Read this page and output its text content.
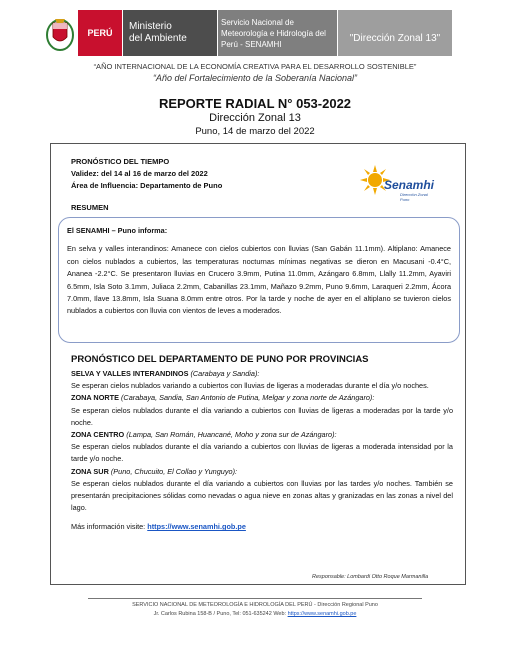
PERÚ
Ministerio
del Ambiente
Servicio Nacional de
Meteorología e Hidrología del
Perú - SENAMHI
"Dirección Zonal 13"
“AÑO INTERNACIONAL DE LA ECONOMÍA CREATIVA PARA EL DESARROLLO SOSTENIBLE”
“Año del Fortalecimiento de la Soberanía Nacional”
REPORTE RADIAL N° 053-2022
Dirección Zonal 13
Puno, 14 de marzo del 2022
PRONÓSTICO DEL TIEMPO
Validez: del 14 al 16 de marzo del 2022
Área de Influencia: Departamento de Puno
RESUMEN
Senamhi
Dirección Zonal Puno
El SENAMHI – Puno informa:
En selva y valles interandinos: Amanece con cielos cubiertos con lluvias (San Gabán 11.1mm). Altiplano: Amanece con cielos nublados a cubiertos, las temperaturas nocturnas mínimas negativas se dieron en Macusani -0.4°C, Ananea -2.2°C. Se presentaron lluvias en Crucero 3.9mm, Putina 11.0mm, Azángaro 6.8mm, Llally 11.2mm, Ayaviri 6.5mm, Isla Soto 3.1mm, Juliaca 2.2mm, Cabanillas 23.1mm, Mañazo 9.2mm, Puno 9.6mm, Laraqueri 2.2mm, Ácora 7.0mm, Ilave 13.8mm, Isla Suana 8.0mm entre otros. Por la tarde y noche de ayer en el altiplano se tuvieron cielos nublados a cubiertos con lluvia con vientos de leves a moderados.
PRONÓSTICO DEL DEPARTAMENTO DE PUNO POR PROVINCIAS
SELVA Y VALLES INTERANDINOS (Carabaya y Sandia):
Se esperan cielos nublados variando a cubiertos con lluvias de ligeras a moderadas durante el día y/o noches.
ZONA NORTE (Carabaya, Sandia, San Antonio de Putina, Melgar y zona norte de Azángaro):
Se esperan cielos nublados durante el día variando a cubiertos con lluvias de ligeras a moderadas por la tarde y/o noche.
ZONA CENTRO (Lampa, San Román, Huancané, Moho y zona sur de Azángaro):
Se esperan cielos nublados durante el día variando a cubiertos con lluvias de ligeras a moderada intensidad por la tarde y/o noche.
ZONA SUR (Puno, Chucuito, El Collao y Yunguyo):
Se esperan cielos nublados durante el día variando a cubiertos con lluvias por las tardes y/o noches. También se presentarán precipitaciones sólidas como nevadas o agua nieve en zonas altas y granizadas en las zonas a nivel del lago.
Más información visite: https://www.senamhi.gob.pe
Responsable: Lombardi Otto Roque Marmanilla
SERVICIO NACIONAL DE METEOROLOGÍA E HIDROLOGÍA DEL PERÚ - Dirección Regional Puno
Jr. Carlos Rubina 158-B / Puno, Tel: 051-635242 Web: https://www.senamhi.gob.pe
